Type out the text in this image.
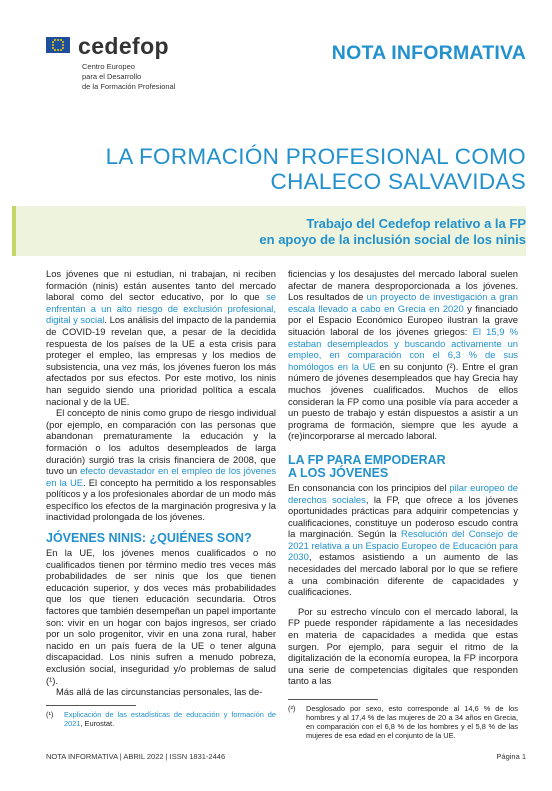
cedefop
Centro Europeo
para el Desarrollo
de la Formación Profesional
NOTA INFORMATIVA
LA FORMACIÓN PROFESIONAL COMO
CHALECO SALVAVIDAS
Trabajo del Cedefop relativo a la FP
en apoyo de la inclusión social de los ninis

Los jóvenes que ni estudian, ni trabajan, ni reciben formación (ninis) están ausentes tanto del mercado laboral como del sector educativo, por lo que se enfrentan a un alto riesgo de exclusión profesional, digital y social. Los análisis del impacto de la pandemia de COVID-19 revelan que, a pesar de la decidida respuesta de los países de la UE a esta crisis para proteger el empleo, las empresas y los medios de subsistencia, una vez más, los jóvenes fueron los más afectados por sus efectos. Por este motivo, los ninis han seguido siendo una prioridad política a escala nacional y de la UE.

El concepto de ninis como grupo de riesgo individual (por ejemplo, en comparación con las personas que abandonan prematuramente la educación y la formación o los adultos desempleados de larga duración) surgió tras la crisis financiera de 2008, que tuvo un efecto devastador en el empleo de los jóvenes en la UE. El concepto ha permitido a los responsables políticos y a los profesionales abordar de un modo más específico los efectos de la marginación progresiva y la inactividad prolongada de los jóvenes.

JÓVENES NINIS: ¿QUIÉNES SON?

En la UE, los jóvenes menos cualificados o no cualificados tienen por término medio tres veces más probabilidades de ser ninis que los que tienen educación superior, y dos veces más probabilidades que los que tienen educación secundaria. Otros factores que también desempeñan un papel importante son: vivir en un hogar con bajos ingresos, ser criado por un solo progenitor, vivir en una zona rural, haber nacido en un país fuera de la UE o tener alguna discapacidad. Los ninis sufren a menudo pobreza, exclusión social, inseguridad y/o problemas de salud (¹).

Más allá de las circunstancias personales, las de-

(¹)	Explicación de las estadísticas de educación y formación de 2021, Eurostat.

ficiencias y los desajustes del mercado laboral suelen afectar de manera desproporcionada a los jóvenes. Los resultados de un proyecto de investigación a gran escala llevado a cabo en Grecia en 2020 y financiado por el Espacio Económico Europeo ilustran la grave situación laboral de los jóvenes griegos: El 15,9 % estaban desempleados y buscando activamente un empleo, en comparación con el 6,3 % de sus homólogos en la UE en su conjunto (²). Entre el gran número de jóvenes desempleados que hay Grecia hay muchos jóvenes cualificados. Muchos de ellos consideran la FP como una posible vía para acceder a un puesto de trabajo y están dispuestos a asistir a un programa de formación, siempre que les ayude a (re)incorporarse al mercado laboral.

LA FP PARA EMPODERAR
A LOS JÓVENES

En consonancia con los principios del pilar europeo de derechos sociales, la FP, que ofrece a los jóvenes oportunidades prácticas para adquirir competencias y cualificaciones, constituye un poderoso escudo contra la marginación. Según la Resolución del Consejo de 2021 relativa a un Espacio Europeo de Educación para 2030, estamos asistiendo a un aumento de las necesidades del mercado laboral por lo que se refiere a una combinación diferente de capacidades y cualificaciones.

Por su estrecho vínculo con el mercado laboral, la FP puede responder rápidamente a las necesidades en materia de capacidades a medida que estas surgen. Por ejemplo, para seguir el ritmo de la digitalización de la economía europea, la FP incorpora una serie de competencias digitales que responden tanto a las

(²)	Desglosado por sexo, esto corresponde al 14,6 % de los hombres y al 17,4 % de las mujeres de 20 a 34 años en Grecia, en comparación con el 6,8 % de los hombres y el 5,8 % de las mujeres de esa edad en el conjunto de la UE.
NOTA INFORMATIVA | ABRIL 2022 | ISSN 1831-2446	Página 1
